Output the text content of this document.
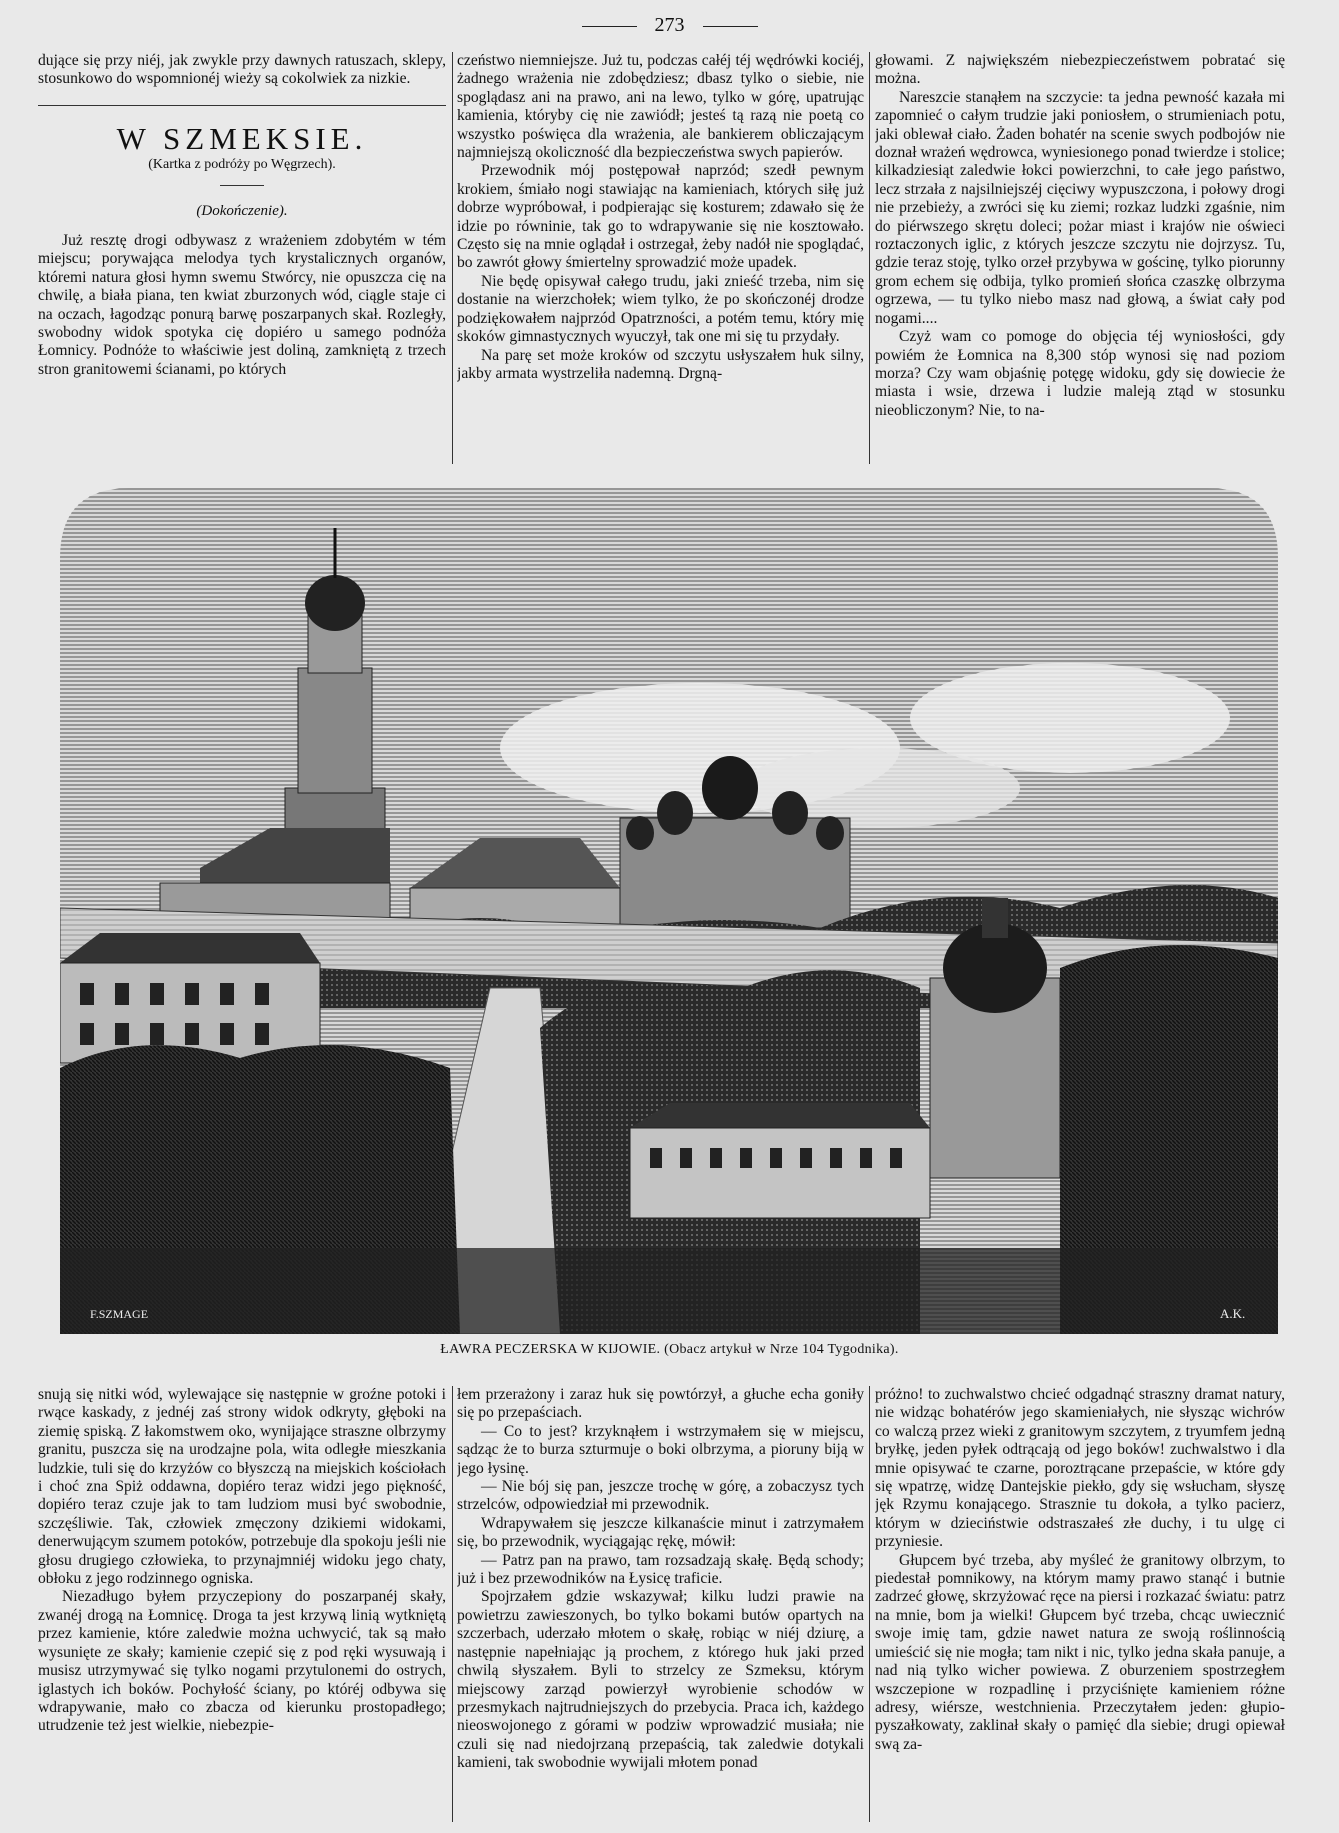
273

dujące się przy niéj, jak zwykle przy dawnych ratuszach, sklepy, stosunkowo do wspomnionéj wieży są cokolwiek za nizkie.

W SZMEKSIE.
(Kartka z podróży po Węgrzech).
(Dokończenie).

Już resztę drogi odbywasz z wrażeniem zdobytém w tém miejscu; porywająca melodya tych krystalicznych organów, któremi natura głosi hymn swemu Stwórcy, nie opuszcza cię na chwilę, a biała piana, ten kwiat zburzonych wód, ciągle staje ci na oczach, łagodząc ponurą barwę poszarpanych skał. Rozległy, swobodny widok spotyka cię dopiéro u samego podnóża Łomnicy. Podnóże to właściwie jest doliną, zamkniętą z trzech stron granitowemi ścianami, po których

czeństwo niemniejsze. Już tu, podczas całéj téj wędrówki kociéj, żadnego wrażenia nie zdobędziesz; dbasz tylko o siebie, nie spoglądasz ani na prawo, ani na lewo, tylko w górę, upatrując kamienia, któryby cię nie zawiódł; jesteś tą razą nie poetą co wszystko poświęca dla wrażenia, ale bankierem obliczającym najmniejszą okoliczność dla bezpieczeństwa swych papierów.

Przewodnik mój postępował naprzód; szedł pewnym krokiem, śmiało nogi stawiając na kamieniach, których siłę już dobrze wypróbował, i podpierając się kosturem; zdawało się że idzie po równinie, tak go to wdrapywanie się nie kosztowało. Często się na mnie oglądał i ostrzegał, żeby nadół nie spoglądać, bo zawrót głowy śmiertelny sprowadzić może upadek.

Nie będę opisywał całego trudu, jaki znieść trzeba, nim się dostanie na wierzchołek; wiem tylko, że po skończonéj drodze podziękowałem najprzód Opatrzności, a potém temu, który mię skoków gimnastycznych wyuczył, tak one mi się tu przydały.

Na parę set może kroków od szczytu usłyszałem huk silny, jakby armata wystrzeliła nademną. Drgną-

głowami. Z największém niebezpieczeństwem pobratać się można.

Nareszcie stanąłem na szczycie: ta jedna pewność kazała mi zapomnieć o całym trudzie jaki poniosłem, o strumieniach potu, jaki oblewał ciało. Żaden bohatér na scenie swych podbojów nie doznał wrażeń wędrowca, wyniesionego ponad twierdze i stolice; kilkadziesiąt zaledwie łokci powierzchni, to całe jego państwo, lecz strzała z najsilniejszéj cięciwy wypuszczona, i połowy drogi nie przebieży, a zwróci się ku ziemi; rozkaz ludzki zgaśnie, nim do piérwszego skrętu doleci; pożar miast i krajów nie oświeci roztaczonych iglic, z których jeszcze szczytu nie dojrzysz. Tu, gdzie teraz stoję, tylko orzeł przybywa w gościnę, tylko piorunny grom echem się odbija, tylko promień słońca czaszkę olbrzyma ogrzewa, — tu tylko niebo masz nad głową, a świat cały pod nogami....

Czyż wam co pomoge do objęcia téj wyniosłości, gdy powiém że Łomnica na 8,300 stóp wynosi się nad poziom morza? Czy wam objaśnię potęgę widoku, gdy się dowiecie że miasta i wsie, drzewa i ludzie maleją ztąd w stosunku nieobliczonym? Nie, to na-

F.SZMAGE	A.K.
ŁAWRA PECZERSKA W KIJOWIE. (Obacz artykuł w Nrze 104 Tygodnika).

snują się nitki wód, wylewające się następnie w groźne potoki i rwące kaskady, z jednéj zaś strony widok odkryty, głęboki na ziemię spiską. Z łakomstwem oko, wynijające straszne olbrzymy granitu, puszcza się na urodzajne pola, wita odległe mieszkania ludzkie, tuli się do krzyżów co błyszczą na miejskich kościołach i choć zna Spiż oddawna, dopiéro teraz widzi jego piękność, dopiéro teraz czuje jak to tam ludziom musi być swobodnie, szczęśliwie. Tak, człowiek zmęczony dzikiemi widokami, denerwującym szumem potoków, potrzebuje dla spokoju jeśli nie głosu drugiego człowieka, to przynajmniéj widoku jego chaty, obłoku z jego rodzinnego ogniska.

Niezadługo byłem przyczepiony do poszarpanéj skały, zwanéj drogą na Łomnicę. Droga ta jest krzywą linią wytkniętą przez kamienie, które zaledwie można uchwycić, tak są mało wysunięte ze skały; kamienie czepić się z pod ręki wysuwają i musisz utrzymywać się tylko nogami przytulonemi do ostrych, iglastych ich boków. Pochyłość ściany, po któréj odbywa się wdrapywanie, mało co zbacza od kierunku prostopadłego; utrudzenie też jest wielkie, niebezpie-

łem przerażony i zaraz huk się powtórzył, a głuche echa goniły się po przepaściach.

— Co to jest? krzyknąłem i wstrzymałem się w miejscu, sądząc że to burza szturmuje o boki olbrzyma, a pioruny biją w jego łysinę.

— Nie bój się pan, jeszcze trochę w górę, a zobaczysz tych strzelców, odpowiedział mi przewodnik.

Wdrapywałem się jeszcze kilkanaście minut i zatrzymałem się, bo przewodnik, wyciągając rękę, mówił:

— Patrz pan na prawo, tam rozsadzają skałę. Będą schody; już i bez przewodników na Łysicę traficie.

Spojrzałem gdzie wskazywał; kilku ludzi prawie na powietrzu zawieszonych, bo tylko bokami butów opartych na szczerbach, uderzało młotem o skałę, robiąc w niéj dziurę, a następnie napełniając ją prochem, z którego huk jaki przed chwilą słyszałem. Byli to strzelcy ze Szmeksu, którym miejscowy zarząd powierzył wyrobienie schodów w przesmykach najtrudniejszych do przebycia. Praca ich, każdego nieoswojonego z górami w podziw wprowadzić musiała; nie czuli się nad niedojrzaną przepaścią, tak zaledwie dotykali kamieni, tak swobodnie wywijali młotem ponad

próżno! to zuchwalstwo chcieć odgadnąć straszny dramat natury, nie widząc bohatérów jego skamieniałych, nie słysząc wichrów co walczą przez wieki z granitowym szczytem, z tryumfem jedną bryłkę, jeden pyłek odtrącają od jego boków! zuchwalstwo i dla mnie opisywać te czarne, poroztrącane przepaście, w które gdy się wpatrzę, widzę Dantejskie piekło, gdy się wsłucham, słyszę jęk Rzymu konającego. Strasznie tu dokoła, a tylko pacierz, którym w dzieciństwie odstraszałeś złe duchy, i tu ulgę ci przyniesie.

Głupcem być trzeba, aby myśleć że granitowy olbrzym, to piedestał pomnikowy, na którym mamy prawo stanąć i butnie zadrzeć głowę, skrzyżować ręce na piersi i rozkazać światu: patrz na mnie, bom ja wielki! Głupcem być trzeba, chcąc uwiecznić swoje imię tam, gdzie nawet natura ze swoją roślinnością umieścić się nie mogła; tam nikt i nic, tylko jedna skała panuje, a nad nią tylko wicher powiewa. Z oburzeniem spostrzegłem wszczepione w rozpadlinę i przyciśnięte kamieniem różne adresy, wiérsze, westchnienia. Przeczytałem jeden: głupio-pyszałkowaty, zaklinał skały o pamięć dla siebie; drugi opiewał swą za-
